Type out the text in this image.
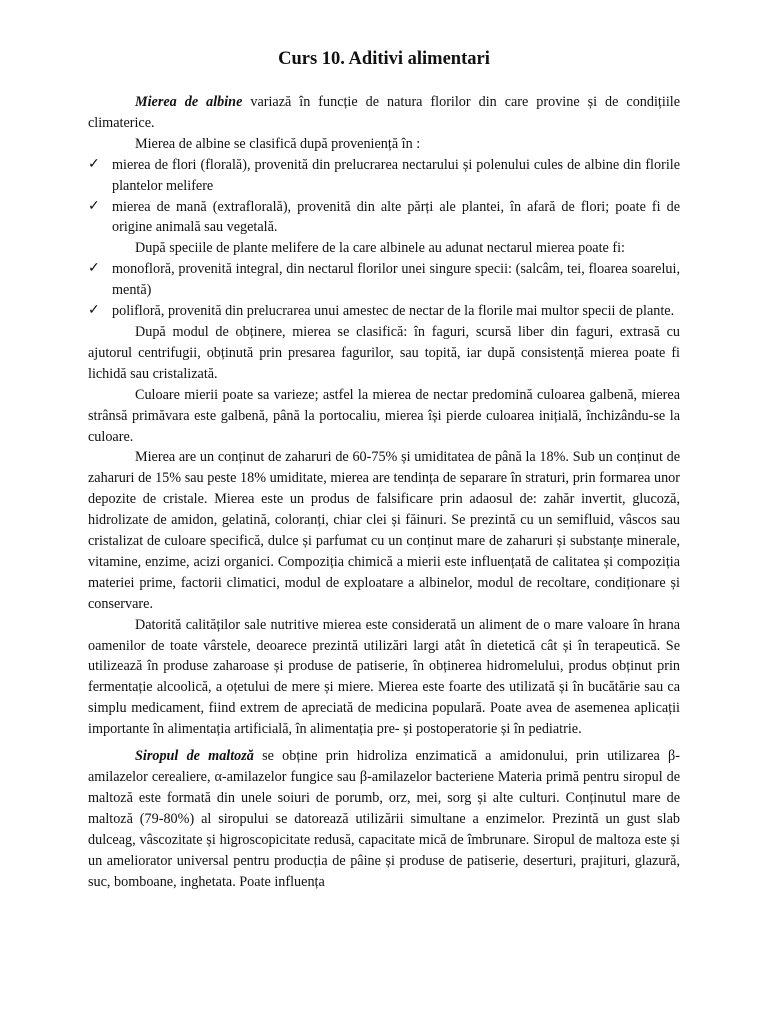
Curs 10. Aditivi alimentari

Mierea de albine variază în funcție de natura florilor din care provine și de condițiile climaterice.

Mierea de albine se clasifică după proveniență în :

✓ mierea de flori (florală), provenită din prelucrarea nectarului și polenului cules de albine din florile plantelor melifere
✓ mierea de mană (extraflorală), provenită din alte părți ale plantei, în afară de flori; poate fi de origine animală sau vegetală.

După speciile de plante melifere de la care albinele au adunat nectarul mierea poate fi:

✓ monofloră, provenită integral, din nectarul florilor unei singure specii: (salcâm, tei, floarea soarelui, mentă)
✓ polifloră, provenită din prelucrarea unui amestec de nectar de la florile mai multor specii de plante.

După modul de obținere, mierea se clasifică: în faguri, scursă liber din faguri, extrasă cu ajutorul centrifugii, obținută prin presarea fagurilor, sau topită, iar după consistență mierea poate fi lichidă sau cristalizată.

Culoare mierii poate sa varieze; astfel la mierea de nectar predomină culoarea galbenă, mierea strânsă primăvara este galbenă, până la portocaliu, mierea își pierde culoarea inițială, închizându-se la culoare.

Mierea are un conținut de zaharuri de 60-75% și umiditatea de până la 18%. Sub un conținut de zaharuri de 15% sau peste 18% umiditate, mierea are tendința de separare în straturi, prin formarea unor depozite de cristale. Mierea este un produs de falsificare prin adaosul de: zahăr invertit, glucoză, hidrolizate de amidon, gelatină, coloranți, chiar clei și făinuri. Se prezintă cu un semifluid, vâscos sau cristalizat de culoare specifică, dulce și parfumat cu un conținut mare de zaharuri și substanțe minerale, vitamine, enzime, acizi organici. Compoziția chimică a mierii este influențată de calitatea și compoziția materiei prime, factorii climatici, modul de exploatare a albinelor, modul de recoltare, condiționare și conservare.

Datorită calităților sale nutritive mierea este considerată un aliment de o mare valoare în hrana oamenilor de toate vârstele, deoarece prezintă utilizări largi atât în dietetică cât și în terapeutică. Se utilizează în produse zaharoase și produse de patiserie, în obținerea hidromelului, produs obținut prin fermentație alcoolică, a oțetului de mere și miere. Mierea este foarte des utilizată și în bucătărie sau ca simplu medicament, fiind extrem de apreciată de medicina populară. Poate avea de asemenea aplicații importante în alimentația artificială, în alimentația pre- și postoperatorie și în pediatrie.

Siropul de maltoză se obține prin hidroliza enzimatică a amidonului, prin utilizarea β-amilazelor cerealiere, α-amilazelor fungice sau β-amilazelor bacteriene Materia primă pentru siropul de maltoză este formată din unele soiuri de porumb, orz, mei, sorg și alte culturi. Conținutul mare de maltoză (79-80%) al siropului se datorează utilizării simultane a enzimelor. Prezintă un gust slab dulceag, vâscozitate și higroscopicitate redusă, capacitate mică de îmbrunare. Siropul de maltoza este și un ameliorator universal pentru producția de pâine și produse de patiserie, deserturi, prajituri, glazură, suc, bomboane, inghetata. Poate influența
